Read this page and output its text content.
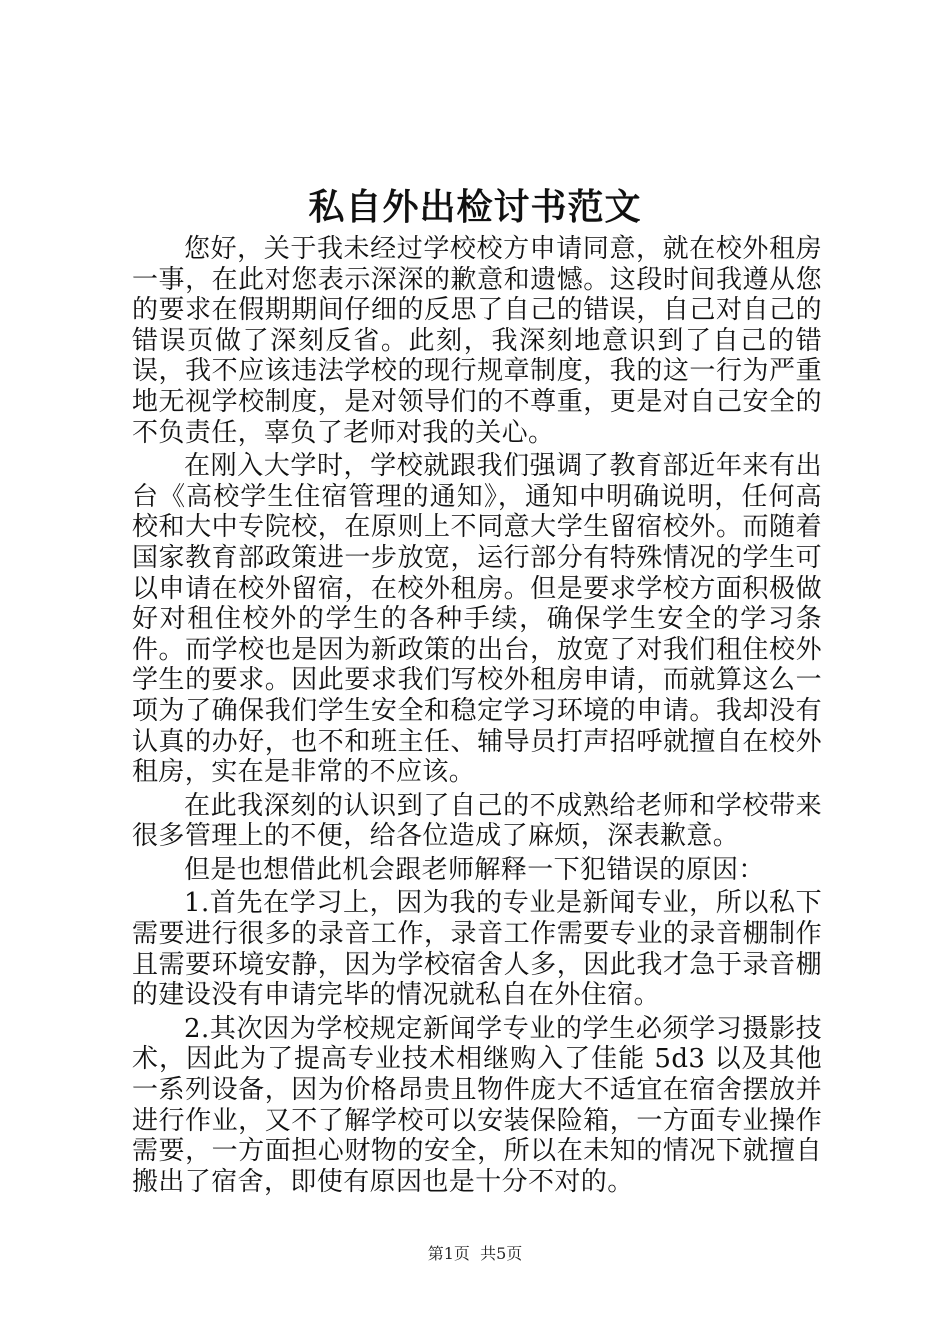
私自外出检讨书范文

您好，关于我未经过学校校方申请同意，就在校外租房一事，在此对您表示深深的歉意和遗憾。这段时间我遵从您的要求在假期期间仔细的反思了自己的错误，自己对自己的错误页做了深刻反省。此刻，我深刻地意识到了自己的错误，我不应该违法学校的现行规章制度，我的这一行为严重地无视学校制度，是对领导们的不尊重，更是对自己安全的不负责任，辜负了老师对我的关心。

在刚入大学时，学校就跟我们强调了教育部近年来有出台《高校学生住宿管理的通知》，通知中明确说明，任何高校和大中专院校，在原则上不同意大学生留宿校外。而随着国家教育部政策进一步放宽，运行部分有特殊情况的学生可以申请在校外留宿，在校外租房。但是要求学校方面积极做好对租住校外的学生的各种手续，确保学生安全的学习条件。而学校也是因为新政策的出台，放宽了对我们租住校外学生的要求。因此要求我们写校外租房申请，而就算这么一项为了确保我们学生安全和稳定学习环境的申请。我却没有认真的办好，也不和班主任、辅导员打声招呼就擅自在校外租房，实在是非常的不应该。

在此我深刻的认识到了自己的不成熟给老师和学校带来很多管理上的不便，给各位造成了麻烦，深表歉意。

但是也想借此机会跟老师解释一下犯错误的原因：

1.首先在学习上，因为我的专业是新闻专业，所以私下需要进行很多的录音工作，录音工作需要专业的录音棚制作且需要环境安静，因为学校宿舍人多，因此我才急于录音棚的建设没有申请完毕的情况就私自在外住宿。

2.其次因为学校规定新闻学专业的学生必须学习摄影技术，因此为了提高专业技术相继购入了佳能 5d3 以及其他一系列设备，因为价格昂贵且物件庞大不适宜在宿舍摆放并进行作业，又不了解学校可以安装保险箱，一方面专业操作需要，一方面担心财物的安全，所以在未知的情况下就擅自搬出了宿舍，即使有原因也是十分不对的。

第1页 共5页
